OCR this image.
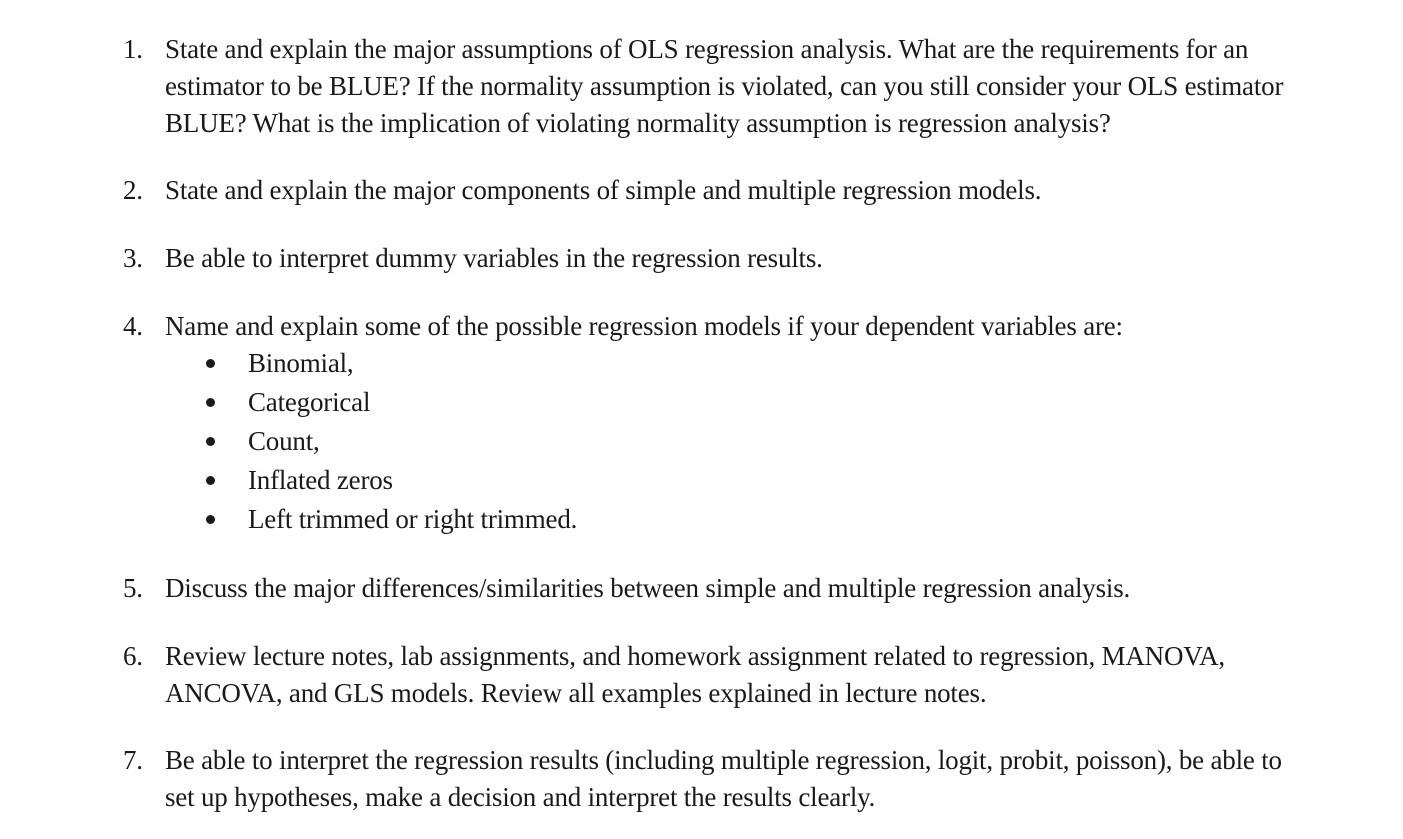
1. State and explain the major assumptions of OLS regression analysis. What are the requirements for an
estimator to be BLUE? If the normality assumption is violated, can you still consider your OLS estimator
BLUE? What is the implication of violating normality assumption is regression analysis?
2. State and explain the major components of simple and multiple regression models.
3. Be able to interpret dummy variables in the regression results.
4. Name and explain some of the possible regression models if your dependent variables are:
Binomial,
Categorical
Count,
Inflated zeros
Left trimmed or right trimmed.
5. Discuss the major differences/similarities between simple and multiple regression analysis.
6. Review lecture notes, lab assignments, and homework assignment related to regression, MANOVA,
ANCOVA, and GLS models. Review all examples explained in lecture notes.
7. Be able to interpret the regression results (including multiple regression, logit, probit, poisson), be able to
set up hypotheses, make a decision and interpret the results clearly.
